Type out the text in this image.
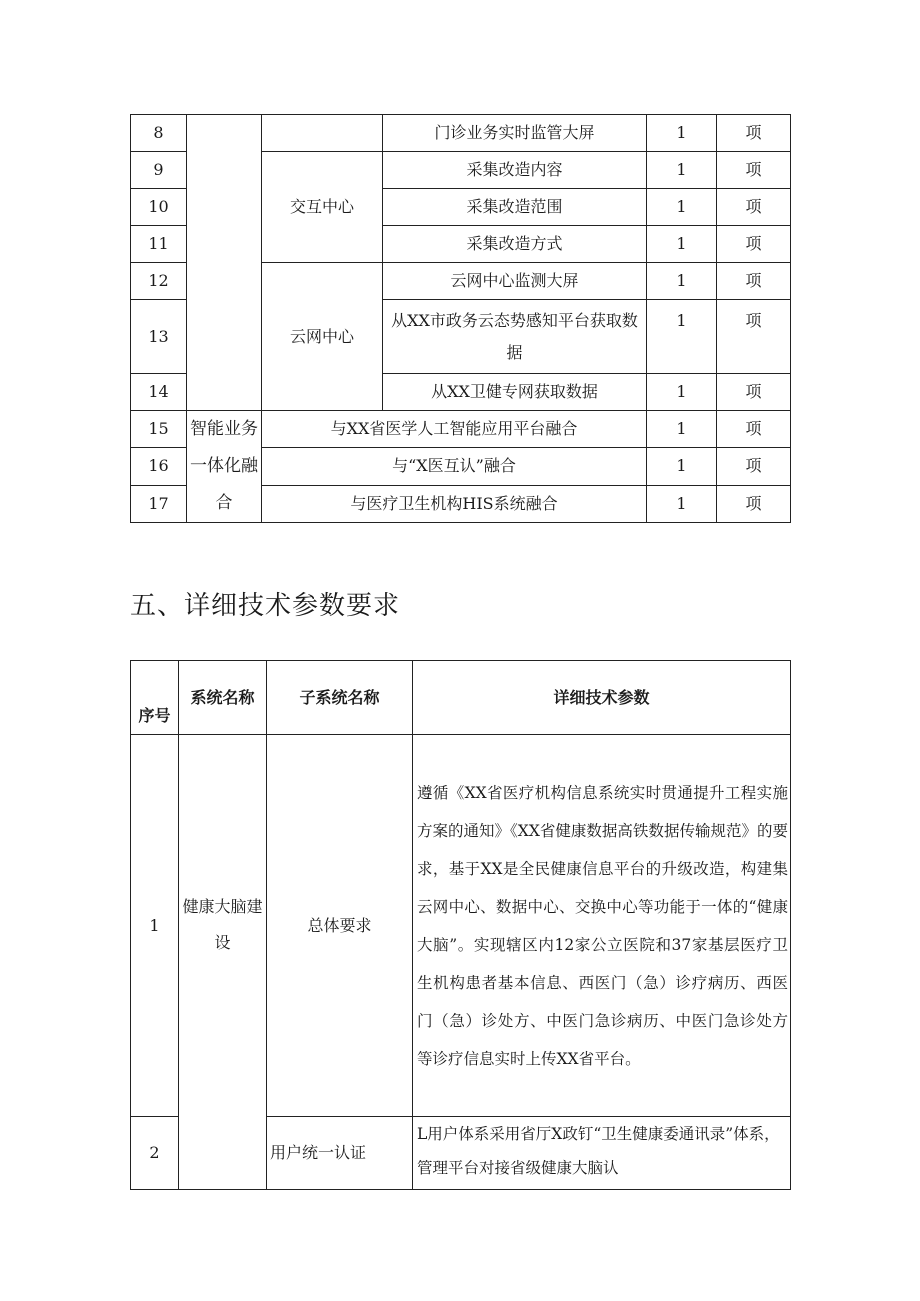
8			门诊业务实时监管大屏	1	项
9		交互中心	采集改造内容	1	项
10			采集改造范围	1	项
11			采集改造方式	1	项
12		云网中心	云网中心监测大屏	1	项
13			从XX市政务云态势感知平台获取数据	1	项
14			从XX卫健专网获取数据	1	项
15	智能业务一体化融合	与XX省医学人工智能应用平台融合		1	项
16		与“X医互认”融合		1	项
17		与医疗卫生机构HIS系统融合		1	项
五、详细技术参数要求
序号	系统名称	子系统名称	详细技术参数
1	健康大脑建设	总体要求	遵循《XX省医疗机构信息系统实时贯通提升工程实施方案的通知》《XX省健康数据高铁数据传输规范》的要求，基于XX是全民健康信息平台的升级改造，构建集云网中心、数据中心、交换中心等功能于一体的“健康大脑”。实现辖区内12家公立医院和37家基层医疗卫生机构患者基本信息、西医门（急）诊疗病历、西医门（急）诊处方、中医门急诊病历、中医门急诊处方等诊疗信息实时上传XX省平台。
2		用户统一认证	L用户体系采用省厅X政钉“卫生健康委通讯录”体系，管理平台对接省级健康大脑认
